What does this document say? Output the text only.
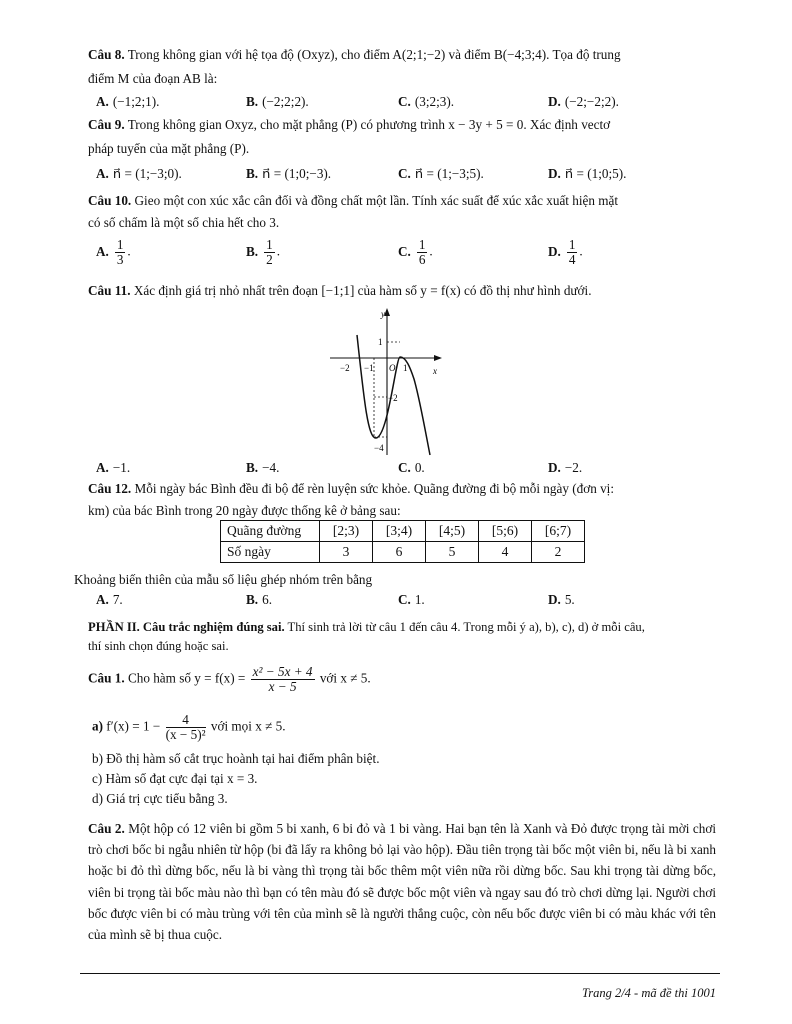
Câu 8. Trong không gian với hệ tọa độ (Oxyz), cho điểm A(2;1;−2) và điểm B(−4;3;4). Tọa độ trung
điểm M của đoạn AB là:
A. (−1;2;1).	B. (−2;2;2).	C. (3;2;3).	D. (−2;−2;2).
Câu 9. Trong không gian Oxyz, cho mặt phẳng (P) có phương trình x − 3y + 5 = 0. Xác định vectơ
pháp tuyến của mặt phẳng (P).
A. n⃗ = (1;−3;0).	B. n⃗ = (1;0;−3).	C. n⃗ = (1;−3;5).	D. n⃗ = (1;0;5).
Câu 10. Gieo một con xúc xắc cân đối và đồng chất một lần. Tính xác suất để xúc xắc xuất hiện mặt
có số chấm là một số chia hết cho 3.
A. $\frac{1}{3}$ .	B. $\frac{1}{2}$ .	C. $\frac{1}{6}$ .	D. $\frac{1}{4}$ .
Câu 11. Xác định giá trị nhỏ nhất trên đoạn [−1;1] của hàm số y = f(x) có đồ thị như hình dưới.
y
x
O
−2 −1	1
1
−2
−4
A. −1.	B. −4.	C. 0.	D. −2.
Câu 12. Mỗi ngày bác Bình đều đi bộ để rèn luyện sức khỏe. Quãng đường đi bộ mỗi ngày (đơn vị:
km) của bác Bình trong 20 ngày được thống kê ở bảng sau:
Quãng đường	[2;3)	[3;4)	[4;5)	[5;6)	[6;7)
Số ngày	3	6	5	4	2
Khoảng biến thiên của mẫu số liệu ghép nhóm trên bằng
A. 7.	B. 6.	C. 1.	D. 5.
PHẦN II. Câu trắc nghiệm đúng sai. Thí sinh trả lời từ câu 1 đến câu 4. Trong mỗi ý a), b), c), d) ở mỗi câu,
thí sinh chọn đúng hoặc sai.
Câu 1. Cho hàm số $y = f(x) = \frac{\text{x² − 5x + 4}}{x - 5}$ với x ≠ 5.
a) $f'(x) = 1 - \frac{4}{\text{(x − 5)²}}$ với mọi x ≠ 5.
b) Đồ thị hàm số cắt trục hoành tại hai điểm phân biệt.
c) Hàm số đạt cực đại tại x = 3.
d) Giá trị cực tiểu bằng 3.
Câu 2. Một hộp có 12 viên bi gồm 5 bi xanh, 6 bi đỏ và 1 bi vàng. Hai bạn tên là Xanh và Đỏ được trọng tài mời chơi trò chơi bốc bi ngẫu nhiên từ hộp (bi đã lấy ra không bỏ lại vào hộp). Đầu tiên trọng tài bốc một viên bi, nếu là bi xanh hoặc bi đỏ thì dừng bốc, nếu là bi vàng thì trọng tài bốc thêm một viên nữa rồi dừng bốc. Sau khi trọng tài dừng bốc, viên bi trọng tài bốc màu nào thì bạn có tên màu đó sẽ được bốc một viên và ngay sau đó trò chơi dừng lại. Người chơi bốc được viên bi có màu trùng với tên của mình sẽ là người thắng cuộc, còn nếu bốc được viên bi có màu khác với tên của mình sẽ bị thua cuộc.
Trang 2/4 - mã đề thi 1001
